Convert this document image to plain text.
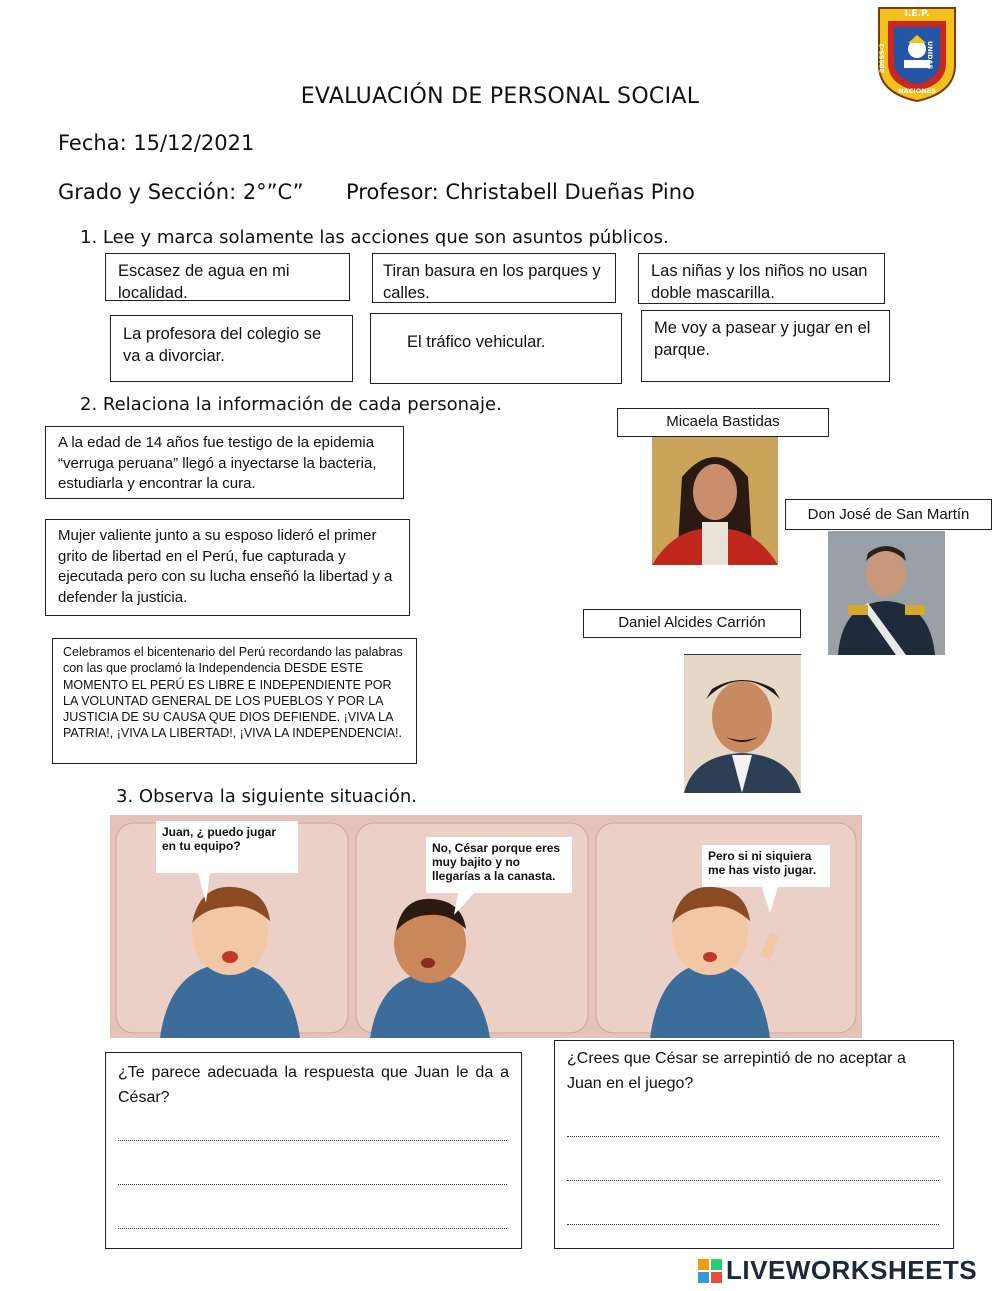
I.E.P.
UNIDAS
20955-2
NACIONES
EVALUACIÓN DE PERSONAL SOCIAL
Fecha: 15/12/2021
Grado y Sección: 2°”C” Profesor: Christabell Dueñas Pino
1. Lee y marca solamente las acciones que son asuntos públicos.
Escasez de agua en mi localidad.
Tiran basura en los parques y calles.
Las niñas y los niños no usan doble mascarilla.
La profesora del colegio se va a divorciar.
El tráfico vehicular.
Me voy a pasear y jugar en el parque.
2. Relaciona la información de cada personaje.
A la edad de 14 años fue testigo de la epidemia “verruga peruana” llegó a inyectarse la bacteria, estudiarla y encontrar la cura.
Mujer valiente junto a su esposo lideró el primer grito de libertad en el Perú, fue capturada y ejecutada pero con su lucha enseñó la libertad y a defender la justicia.
Celebramos el bicentenario del Perú recordando las palabras con las que proclamó la Independencia DESDE ESTE MOMENTO EL PERÚ ES LIBRE E INDEPENDIENTE POR LA VOLUNTAD GENERAL DE LOS PUEBLOS Y POR LA JUSTICIA DE SU CAUSA QUE DIOS DEFIENDE. ¡VIVA LA PATRIA!, ¡VIVA LA LIBERTAD!, ¡VIVA LA INDEPENDENCIA!.
Micaela Bastidas
Don José de San Martín
Daniel Alcides Carrión
3. Observa la siguiente situación.
Juan, ¿ puedo jugar en tu equipo?	No, César porque eres muy bajito y no llegarías a la canasta.
Pero si ni siquiera me has visto jugar.
¿Te parece adecuada la respuesta que Juan le da a César?
¿Crees que César se arrepintió de no aceptar a Juan en el juego?
LIVEWORKSHEETS
